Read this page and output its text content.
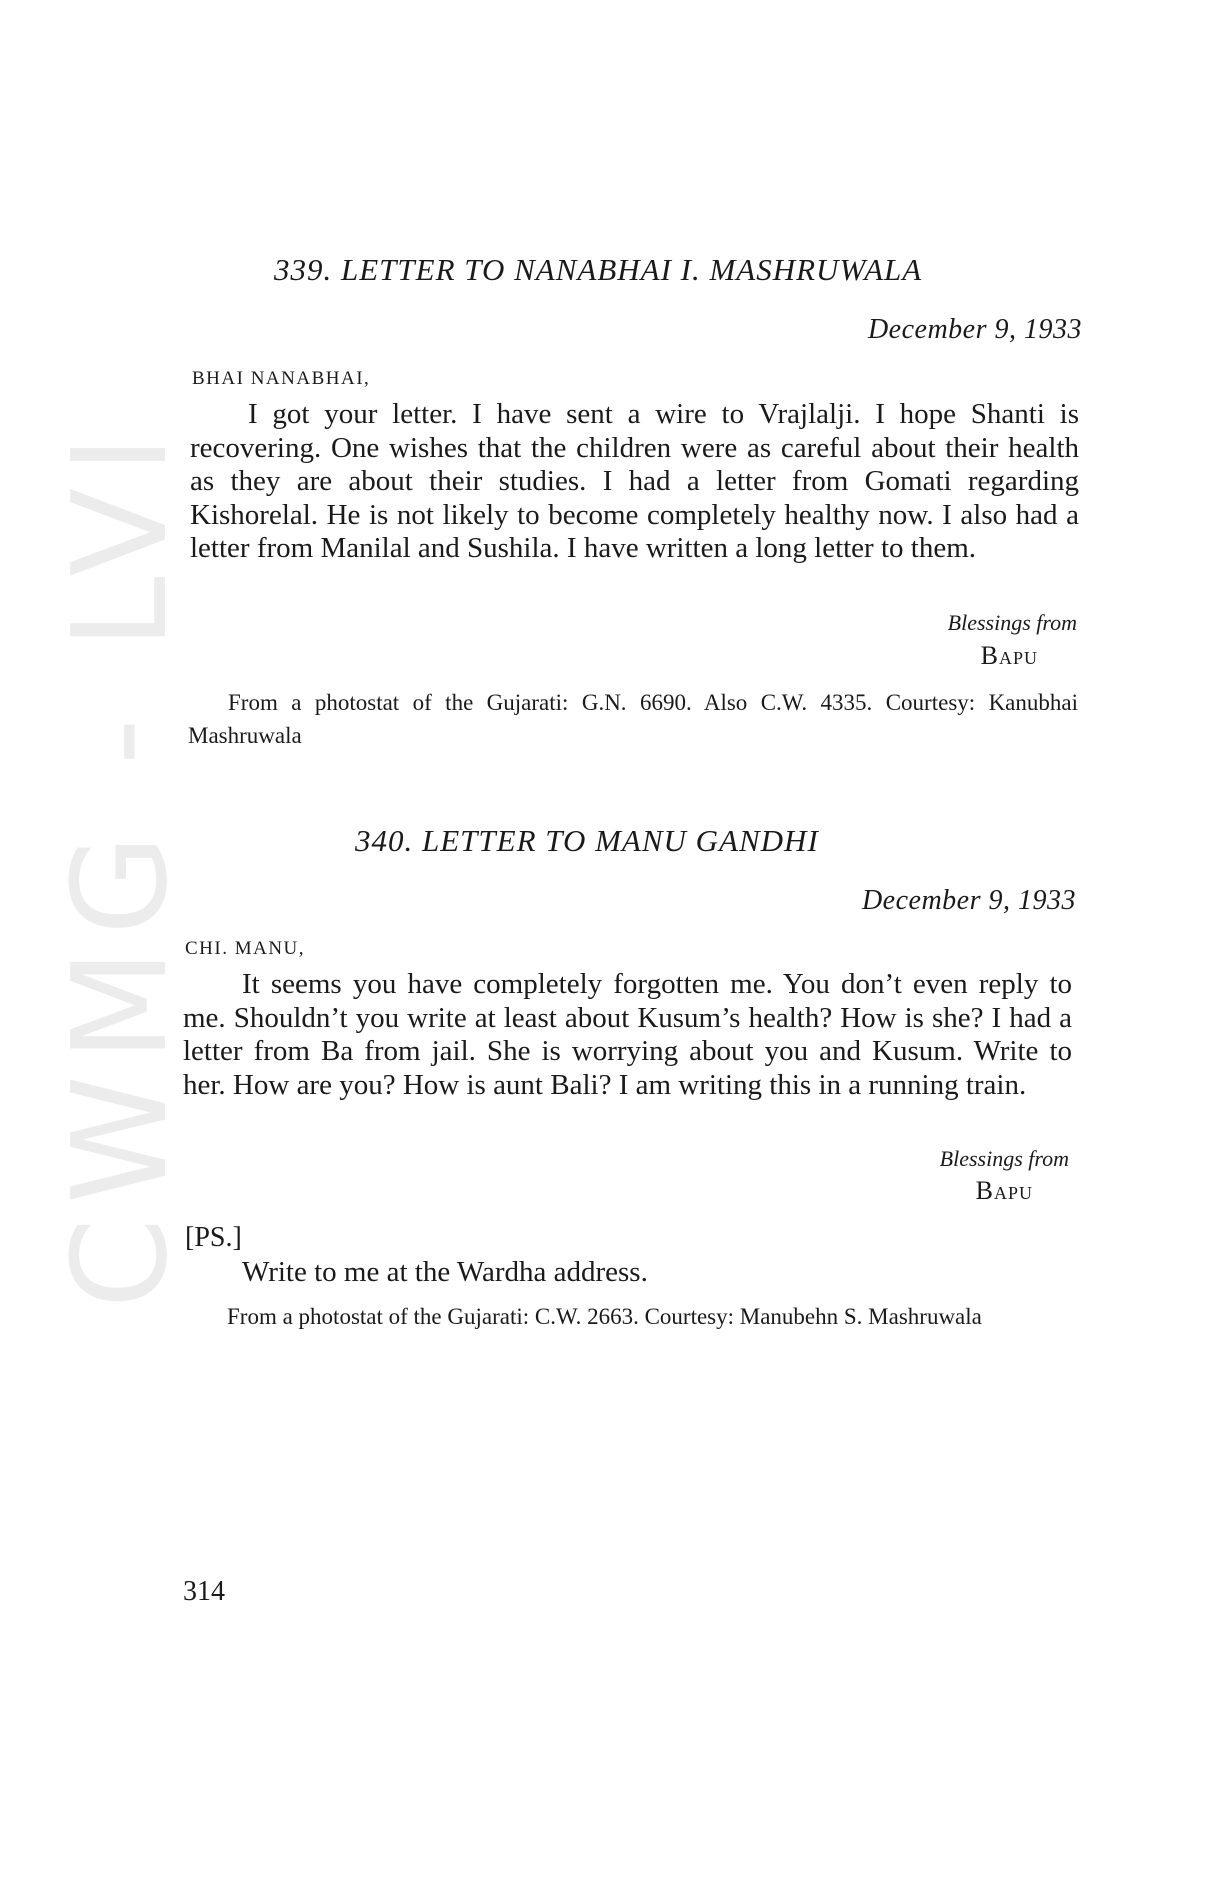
CWMG - LVI
339. LETTER TO NANABHAI I. MASHRUWALA
December 9, 1933
BHAI NANABHAI,

I got your letter. I have sent a wire to Vrajlalji. I hope Shanti is recovering. One wishes that the children were as careful about their health as they are about their studies. I had a letter from Gomati regarding Kishorelal. He is not likely to become completely healthy now. I also had a letter from Manilal and Sushila. I have written a long letter to them.

Blessings from
Bapu

From a photostat of the Gujarati: G.N. 6690. Also C.W. 4335. Courtesy: Kanubhai Mashruwala

340. LETTER TO MANU GANDHI
December 9, 1933
CHI. MANU,

It seems you have completely forgotten me. You don’t even reply to me. Shouldn’t you write at least about Kusum’s health? How is she? I had a letter from Ba from jail. She is worrying about you and Kusum. Write to her. How are you? How is aunt Bali? I am writing this in a running train.

Blessings from
Bapu
[PS.]
Write to me at the Wardha address.

From a photostat of the Gujarati: C.W. 2663. Courtesy: Manubehn S. Mashruwala

314
